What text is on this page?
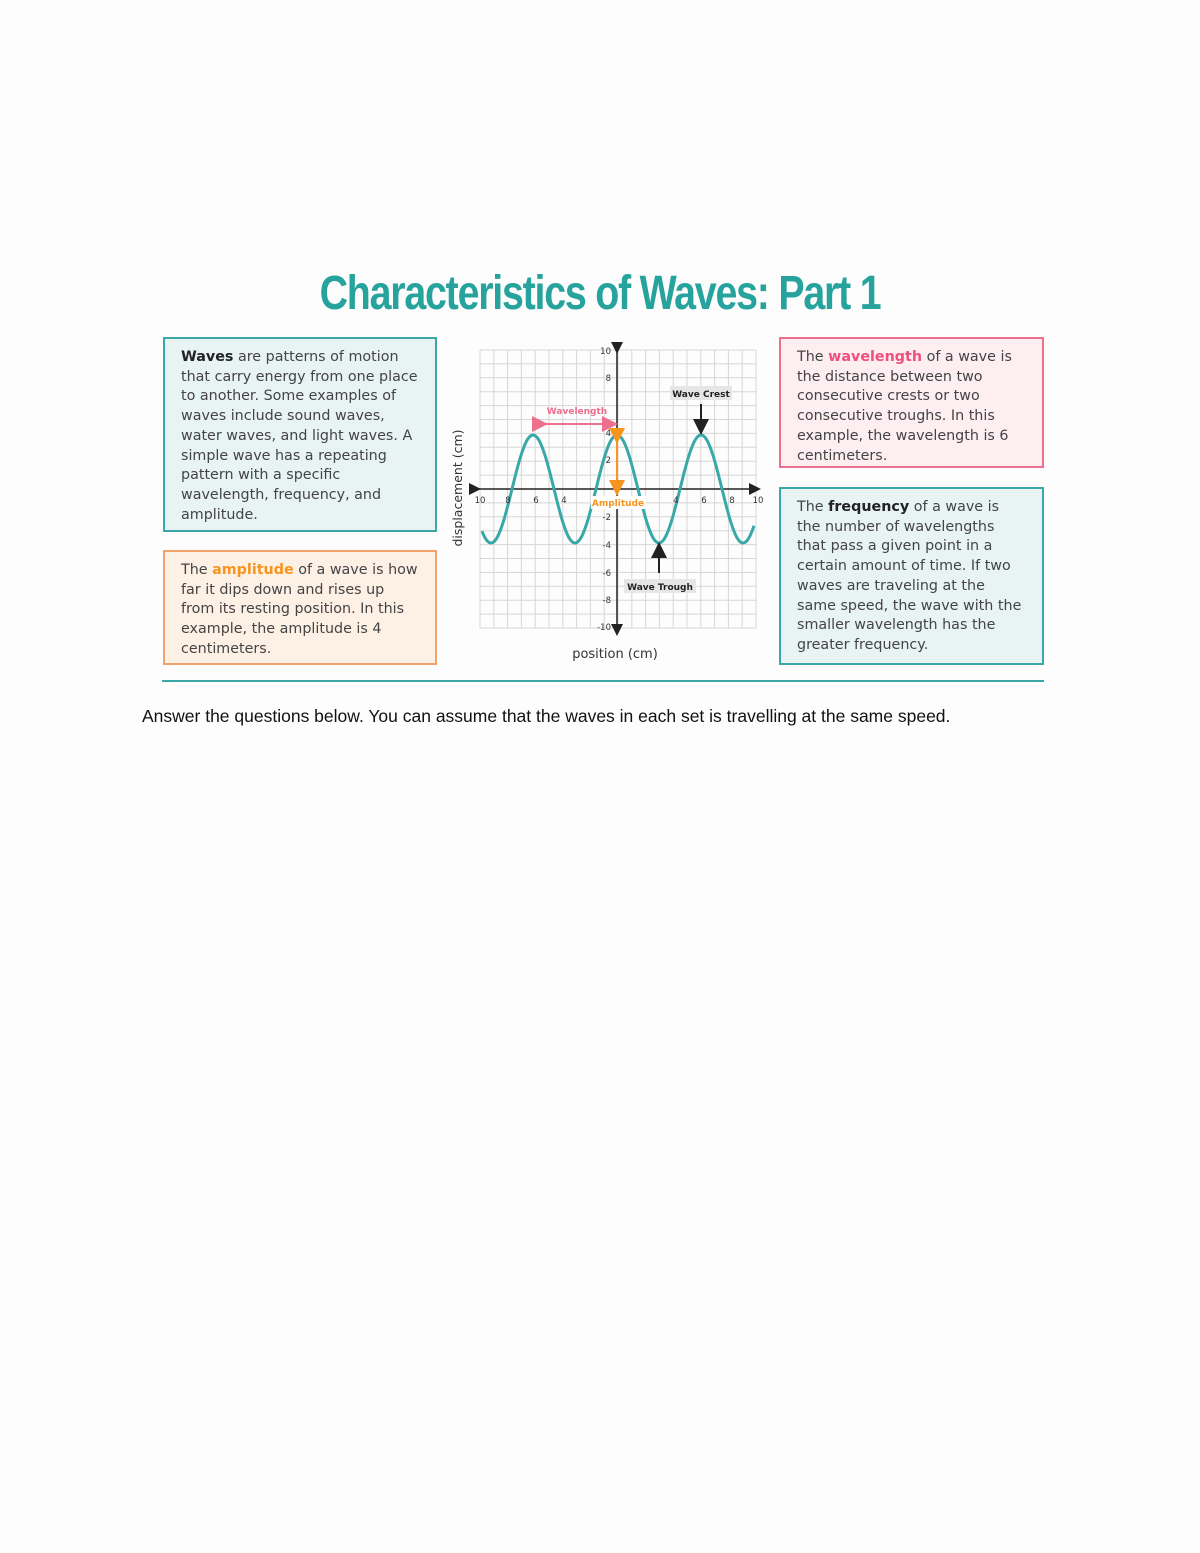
Characteristics of Waves: Part 1

Waves are patterns of motion that carry energy from one place to another. Some examples of waves include sound waves, water waves, and light waves. A simple wave has a repeating pattern with a specific wavelength, frequency, and amplitude.

The amplitude of a wave is how far it dips down and rises up from its resting position. In this example, the amplitude is 4 centimeters.

The wavelength of a wave is the distance between two consecutive crests or two consecutive troughs. In this example, the wavelength is 6 centimeters.

The frequency of a wave is the number of wavelengths that pass a given point in a certain amount of time. If two waves are traveling at the same speed, the wave with the smaller wavelength has the greater frequency.

10 8	6	4	4	6	8 10
10
8
4
2
-2
-4
-6
-8
-10
Wavelength
Amplitude
Wave Crest
Wave Trough
displacement (cm)
position (cm)
Answer the questions below. You can assume that the waves in each set is travelling at the same speed.
